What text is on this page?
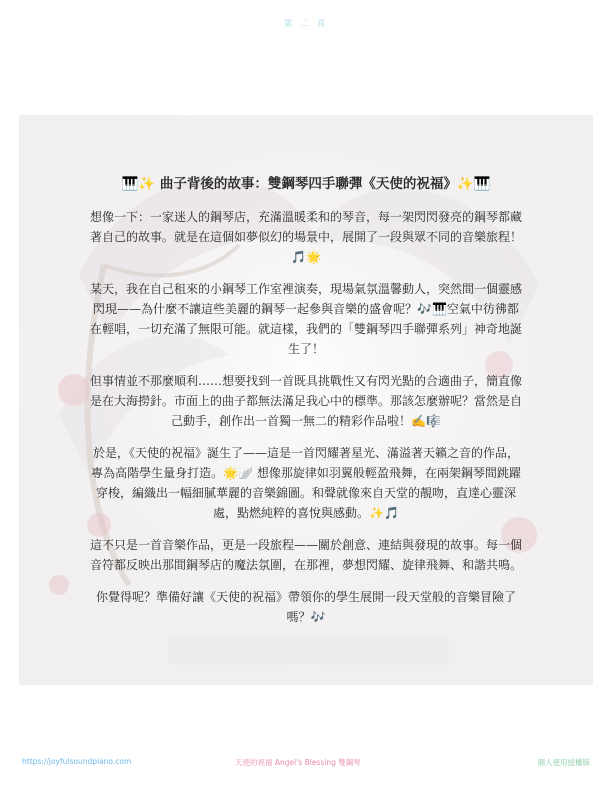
第 二 頁
🎹✨ 曲子背後的故事：雙鋼琴四手聯彈《天使的祝福》✨🎹

想像一下：一家迷人的鋼琴店，充滿溫暖柔和的琴音，每一架閃閃發亮的鋼琴都藏著自己的故事。就是在這個如夢似幻的場景中，展開了一段與眾不同的音樂旅程！🎵🌟

某天，我在自己租來的小鋼琴工作室裡演奏，現場氣氛溫馨動人，突然間一個靈感閃現——為什麼不讓這些美麗的鋼琴一起參與音樂的盛會呢？🎶🎹空氣中彷彿都在輕唱，一切充滿了無限可能。就這樣，我們的「雙鋼琴四手聯彈系列」神奇地誕生了！

但事情並不那麼順利……想要找到一首既具挑戰性又有閃光點的合適曲子，簡直像是在大海撈針。市面上的曲子都無法滿足我心中的標準。那該怎麼辦呢？當然是自己動手，創作出一首獨一無二的精彩作品啦！✍️🎼

於是，《天使的祝福》誕生了——這是一首閃耀著星光、滿溢著天籟之音的作品，專為高階學生量身打造。🌟🪽 想像那旋律如羽翼般輕盈飛舞，在兩架鋼琴間跳躍穿梭，編織出一幅細膩華麗的音樂錦圖。和聲就像來自天堂的靚吻，直達心靈深處，點燃純粹的喜悅與感動。✨🎵

這不只是一首音樂作品，更是一段旅程——關於創意、連結與發現的故事。每一個音符都反映出那間鋼琴店的魔法氛圍，在那裡，夢想閃耀、旋律飛舞、和諧共鳴。

你覺得呢？準備好讓《天使的祝福》帶領你的學生展開一段天堂般的音樂冒險了嗎？🎶

https://joyfulsoundpiano.com	天使的祝福 Angel's Blessing 雙鋼琴	個人使用授權版
